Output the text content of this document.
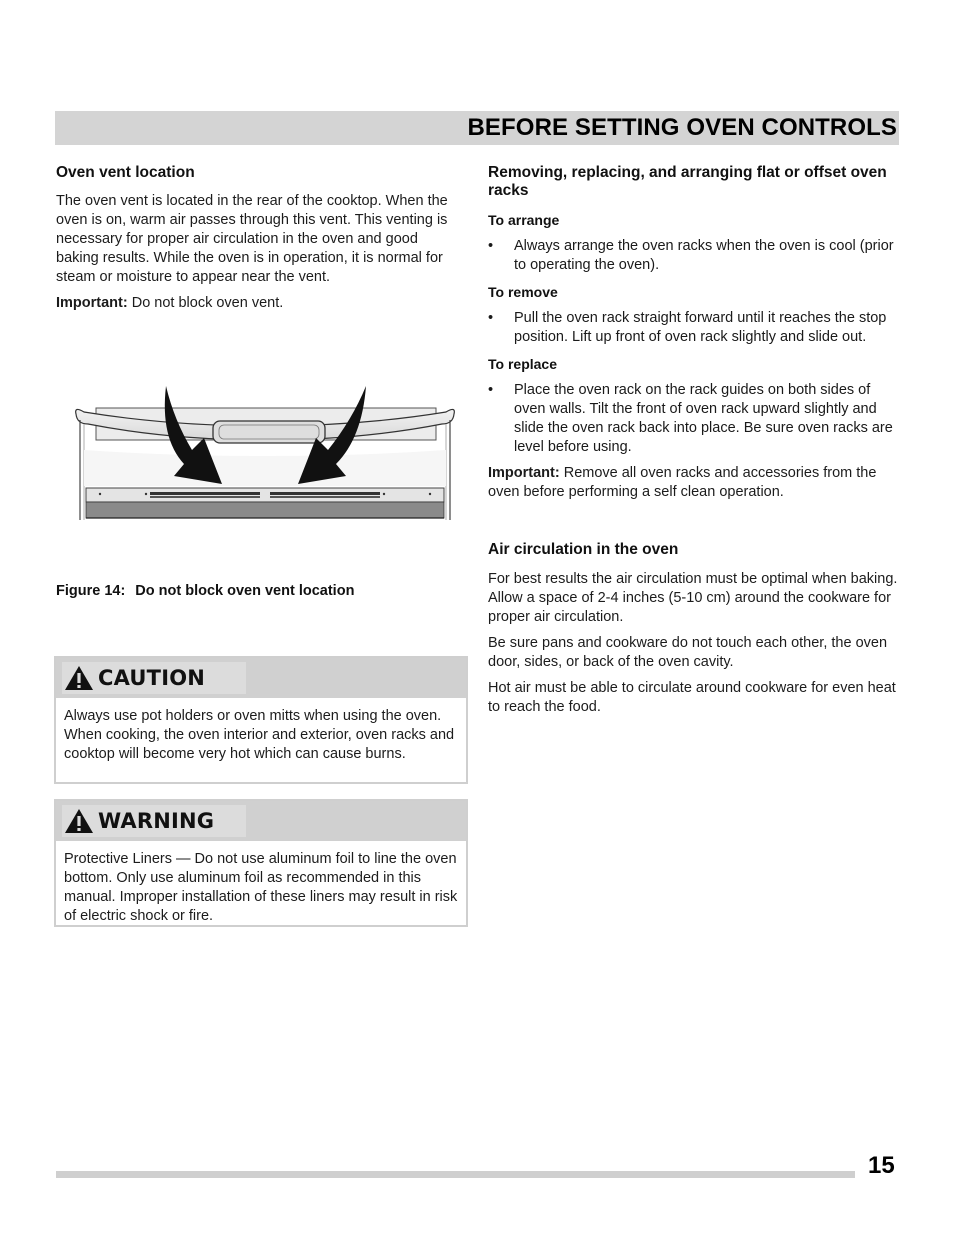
BEFORE SETTING OVEN CONTROLS
Oven vent location

The oven vent is located in the rear of the cooktop. When the oven is on, warm air passes through this vent. This venting is necessary for proper air circulation in the oven and good baking results. While the oven is in operation, it is normal for steam or moisture to appear near the vent.

Important: Do not block oven vent.

Figure 14: Do not block oven vent location
CAUTION
Always use pot holders or oven mitts when using the oven. When cooking, the oven interior and exterior, oven racks and cooktop will become very hot which can cause burns.
WARNING
Protective Liners — Do not use aluminum foil to line the oven bottom. Only use aluminum foil as recommended in this manual. Improper installation of these liners may result in risk of electric shock or fire.
Removing, replacing, and arranging flat or offset oven racks
To arrange
• Always arrange the oven racks when the oven is cool (prior to operating the oven).
To remove
• Pull the oven rack straight forward until it reaches the stop position. Lift up front of oven rack slightly and slide out.
To replace
• Place the oven rack on the rack guides on both sides of oven walls. Tilt the front of oven rack upward slightly and slide the oven rack back into place. Be sure oven racks are level before using.

Important: Remove all oven racks and accessories from the oven before performing a self clean operation.

Air circulation in the oven

For best results the air circulation must be optimal when baking. Allow a space of 2-4 inches (5-10 cm) around the cookware for proper air circulation.

Be sure pans and cookware do not touch each other, the oven door, sides, or back of the oven cavity.

Hot air must be able to circulate around cookware for even heat to reach the food.

15
